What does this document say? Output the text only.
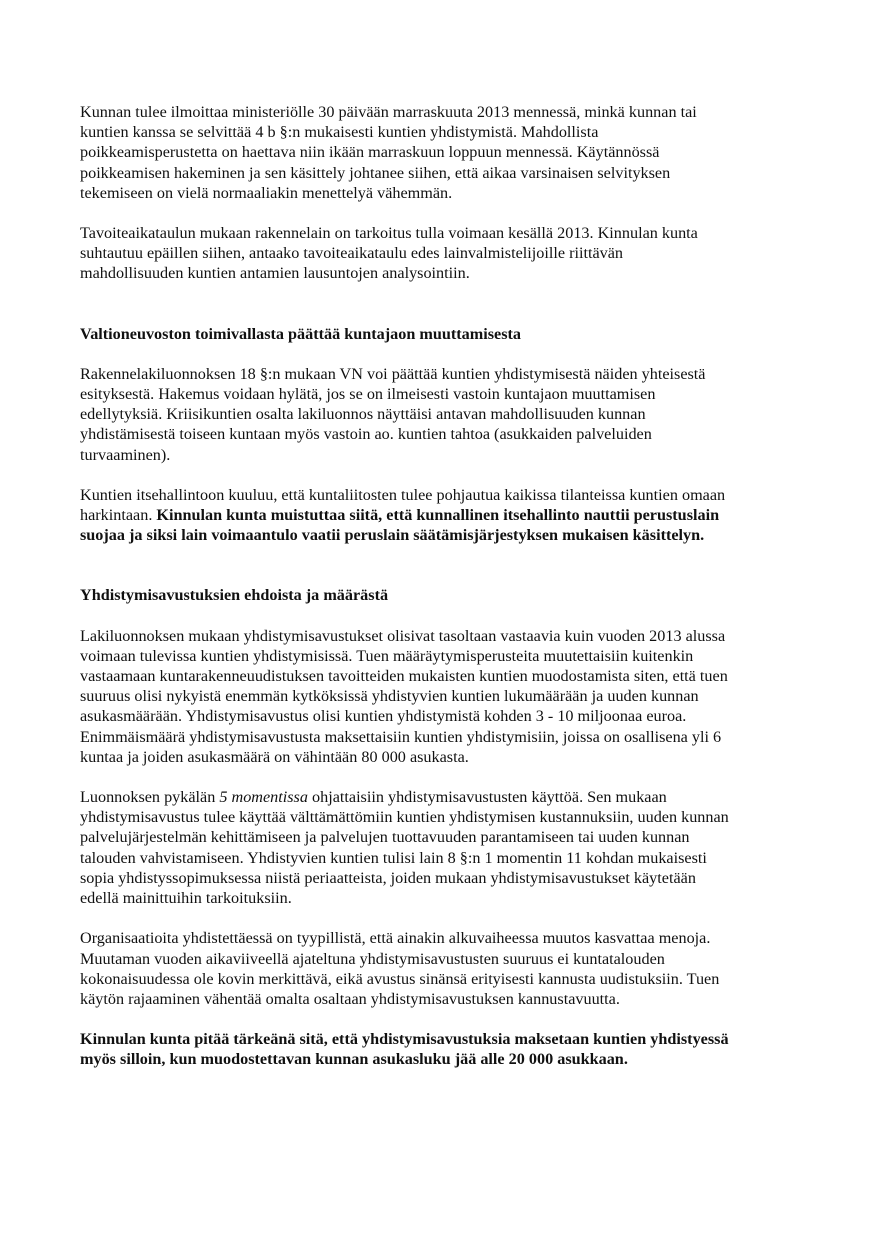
Kunnan tulee ilmoittaa ministeriölle 30 päivään marraskuuta 2013 mennessä, minkä kunnan tai
kuntien kanssa se selvittää 4 b §:n mukaisesti kuntien yhdistymistä. Mahdollista
poikkeamisperustetta on haettava niin ikään marraskuun loppuun mennessä. Käytännössä
poikkeamisen hakeminen ja sen käsittely johtanee siihen, että aikaa varsinaisen selvityksen
tekemiseen on vielä normaaliakin menettelyä vähemmän.

Tavoiteaikataulun mukaan rakennelain on tarkoitus tulla voimaan kesällä 2013. Kinnulan kunta
suhtautuu epäillen siihen, antaako tavoiteaikataulu edes lainvalmistelijoille riittävän
mahdollisuuden kuntien antamien lausuntojen analysointiin.

Valtioneuvoston toimivallasta päättää kuntajaon muuttamisesta

Rakennelakiluonnoksen 18 §:n mukaan VN voi päättää kuntien yhdistymisestä näiden yhteisestä
esityksestä. Hakemus voidaan hylätä, jos se on ilmeisesti vastoin kuntajaon muuttamisen
edellytyksiä. Kriisikuntien osalta lakiluonnos näyttäisi antavan mahdollisuuden kunnan
yhdistämisestä toiseen kuntaan myös vastoin ao. kuntien tahtoa (asukkaiden palveluiden
turvaaminen).

Kuntien itsehallintoon kuuluu, että kuntaliitosten tulee pohjautua kaikissa tilanteissa kuntien omaan
harkintaan. Kinnulan kunta muistuttaa siitä, että kunnallinen itsehallinto nauttii perustuslain
suojaa ja siksi lain voimaantulo vaatii peruslain säätämisjärjestyksen mukaisen käsittelyn.

Yhdistymisavustuksien ehdoista ja määrästä

Lakiluonnoksen mukaan yhdistymisavustukset olisivat tasoltaan vastaavia kuin vuoden 2013 alussa
voimaan tulevissa kuntien yhdistymisissä. Tuen määräytymisperusteita muutettaisiin kuitenkin
vastaamaan kuntarakenneuudistuksen tavoitteiden mukaisten kuntien muodostamista siten, että tuen
suuruus olisi nykyistä enemmän kytköksissä yhdistyvien kuntien lukumäärään ja uuden kunnan
asukasmäärään. Yhdistymisavustus olisi kuntien yhdistymistä kohden 3 - 10 miljoonaa euroa.
Enimmäismäärä yhdistymisavustusta maksettaisiin kuntien yhdistymisiin, joissa on osallisena yli 6
kuntaa ja joiden asukasmäärä on vähintään 80 000 asukasta.

Luonnoksen pykälän 5 momentissa ohjattaisiin yhdistymisavustusten käyttöä. Sen mukaan
yhdistymisavustus tulee käyttää välttämättömiin kuntien yhdistymisen kustannuksiin, uuden kunnan
palvelujärjestelmän kehittämiseen ja palvelujen tuottavuuden parantamiseen tai uuden kunnan
talouden vahvistamiseen. Yhdistyvien kuntien tulisi lain 8 §:n 1 momentin 11 kohdan mukaisesti
sopia yhdistyssopimuksessa niistä periaatteista, joiden mukaan yhdistymisavustukset käytetään
edellä mainittuihin tarkoituksiin.

Organisaatioita yhdistettäessä on tyypillistä, että ainakin alkuvaiheessa muutos kasvattaa menoja.
Muutaman vuoden aikaviiveellä ajateltuna yhdistymisavustusten suuruus ei kuntatalouden
kokonaisuudessa ole kovin merkittävä, eikä avustus sinänsä erityisesti kannusta uudistuksiin. Tuen
käytön rajaaminen vähentää omalta osaltaan yhdistymisavustuksen kannustavuutta.

Kinnulan kunta pitää tärkeänä sitä, että yhdistymisavustuksia maksetaan kuntien yhdistyessä
myös silloin, kun muodostettavan kunnan asukasluku jää alle 20 000 asukkaan.
